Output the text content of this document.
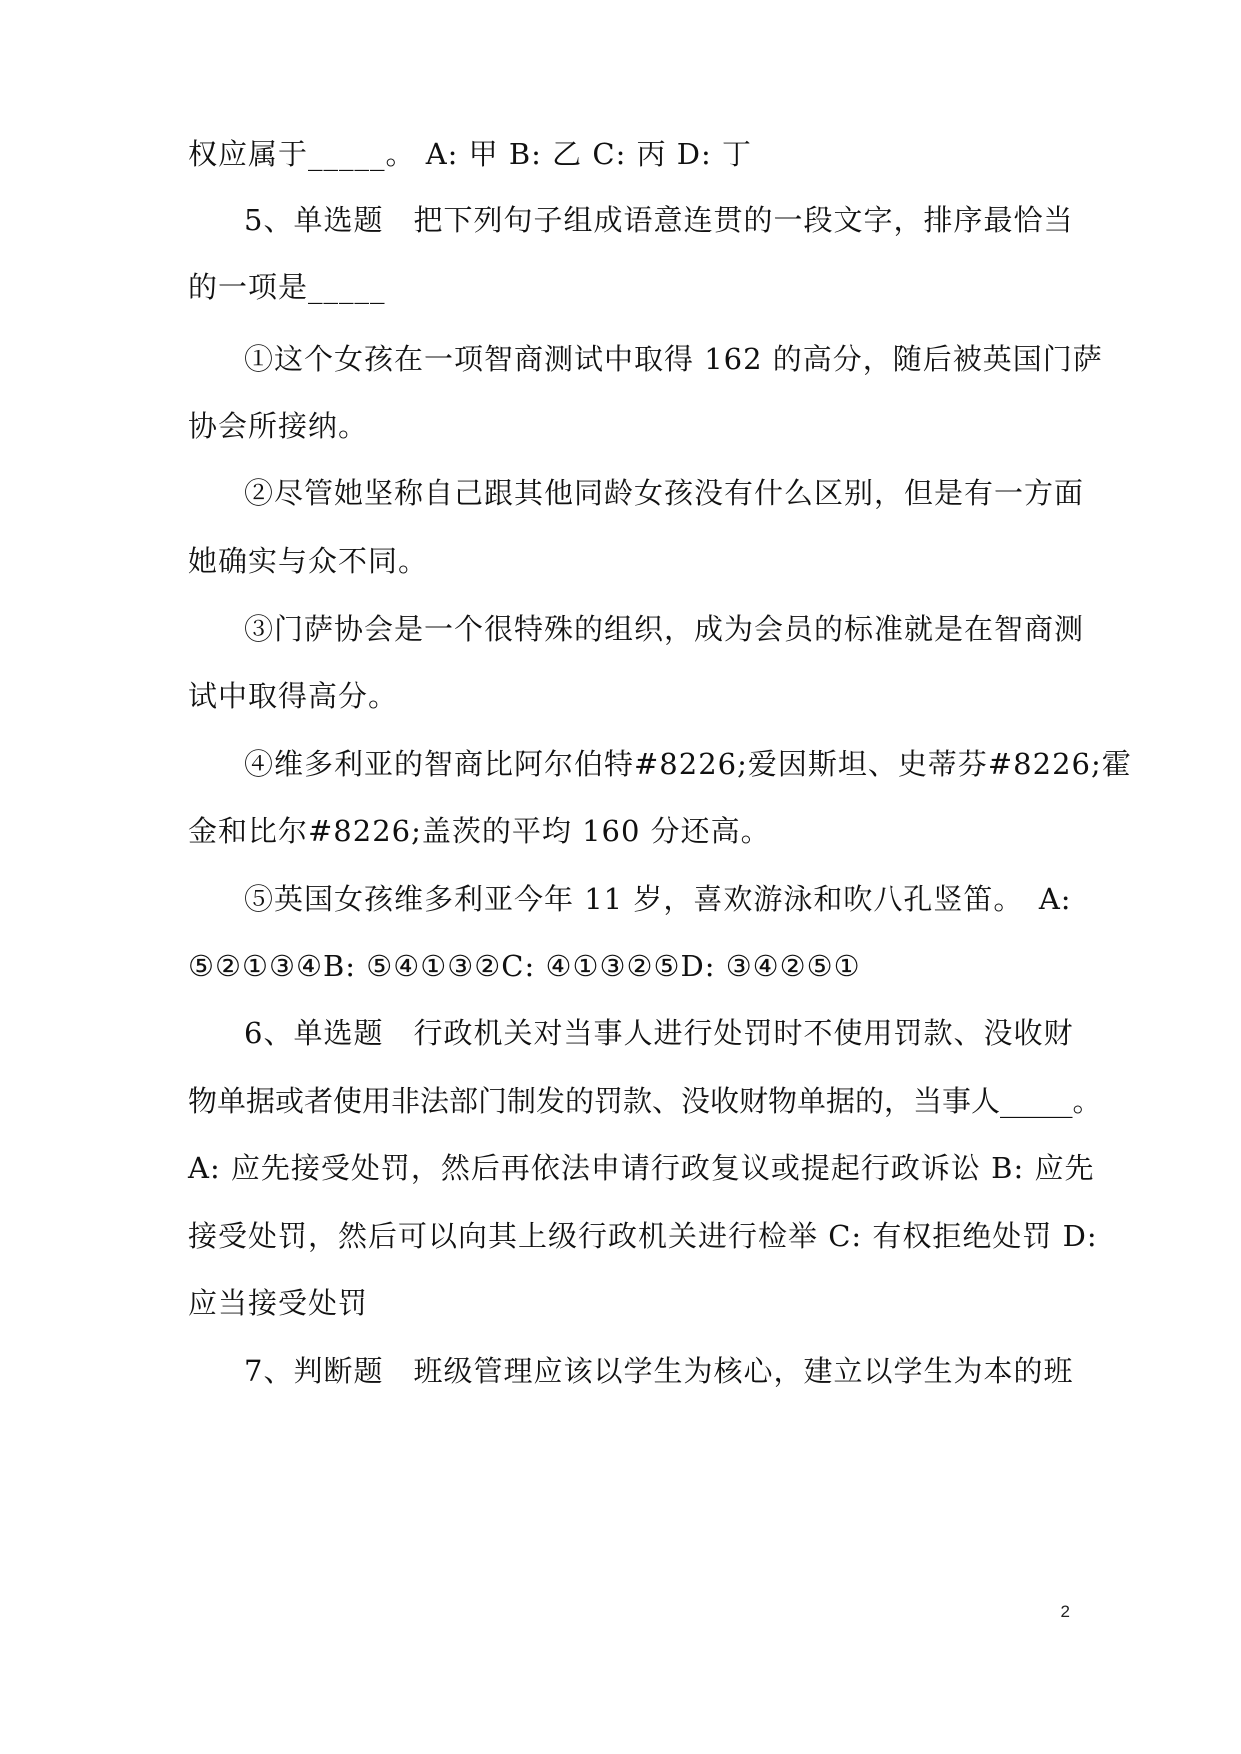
权应属于_____。 A: 甲 B: 乙 C: 丙 D: 丁
5、单选题　把下列句子组成语意连贯的一段文字，排序最恰当
的一项是_____
①这个女孩在一项智商测试中取得 162 的高分，随后被英国门萨
协会所接纳。
②尽管她坚称自己跟其他同龄女孩没有什么区别，但是有一方面
她确实与众不同。
③门萨协会是一个很特殊的组织，成为会员的标准就是在智商测
试中取得高分。
④维多利亚的智商比阿尔伯特#8226;爱因斯坦、史蒂芬#8226;霍
金和比尔#8226;盖茨的平均 160 分还高。
⑤英国女孩维多利亚今年 11 岁，喜欢游泳和吹八孔竖笛。　A:
⑤②①③④B: ⑤④①③②C: ④①③②⑤D: ③④②⑤①
6、单选题　行政机关对当事人进行处罚时不使用罚款、没收财
物单据或者使用非法部门制发的罚款、没收财物单据的，当事人_____。
A: 应先接受处罚，然后再依法申请行政复议或提起行政诉讼 B: 应先
接受处罚，然后可以向其上级行政机关进行检举 C: 有权拒绝处罚 D:
应当接受处罚
7、判断题　班级管理应该以学生为核心，建立以学生为本的班
2
